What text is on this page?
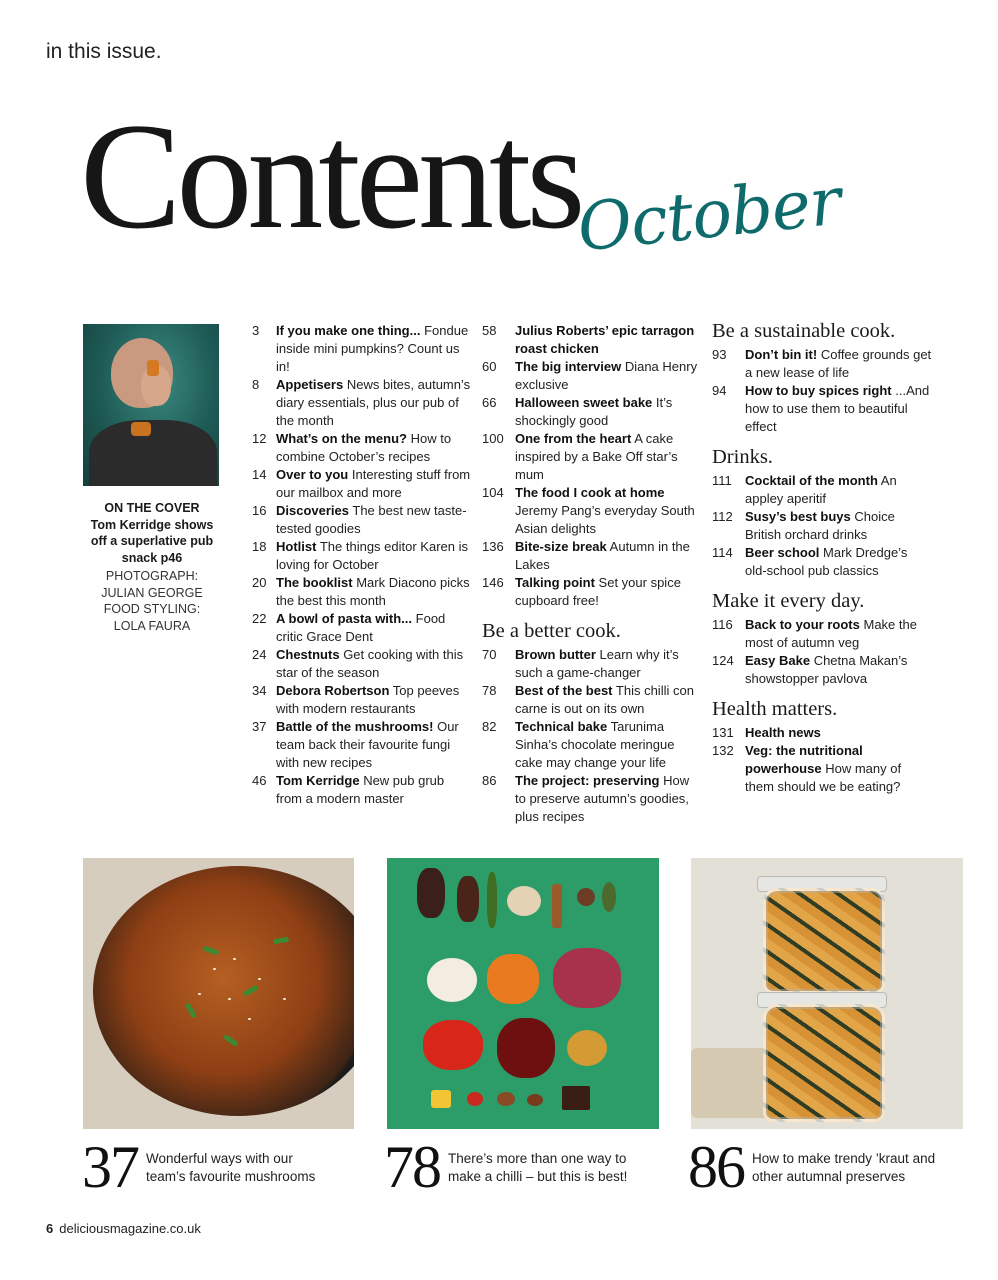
in this issue.
Contents
October
ON THE COVER
Tom Kerridge shows off a superlative pub snack p46
PHOTOGRAPH:
JULIAN GEORGE
FOOD STYLING:
LOLA FAURA
3	If you make one thing... Fondue inside mini pumpkins? Count us in!
8	Appetisers News bites, autumn’s diary essentials, plus our pub of the month
12 What’s on the menu? How to combine October’s recipes
14 Over to you Interesting stuff from our mailbox and more
16 Discoveries The best new taste-tested goodies
18 Hotlist The things editor Karen is loving for October
20 The booklist Mark Diacono picks the best this month
22 A bowl of pasta with... Food critic Grace Dent
24 Chestnuts Get cooking with this star of the season
34 Debora Robertson Top peeves with modern restaurants
37 Battle of the mushrooms! Our team back their favourite fungi with new recipes
46 Tom Kerridge New pub grub from a modern master
58	Julius Roberts’ epic tarragon roast chicken
60	The big interview Diana Henry exclusive
66	Halloween sweet bake It’s shockingly good
100 One from the heart A cake inspired by a Bake Off star’s mum
104 The food I cook at home Jeremy Pang’s everyday South Asian delights
136 Bite-size break Autumn in the Lakes
146 Talking point Set your spice cupboard free!
Be a better cook.
70	Brown butter Learn why it’s such a game-changer
78	Best of the best This chilli con carne is out on its own
82	Technical bake Tarunima Sinha’s chocolate meringue cake may change your life
86	The project: preserving How to preserve autumn’s goodies, plus recipes
Be a sustainable cook.
93	Don’t bin it! Coffee grounds get a new lease of life
94	How to buy spices right ...And how to use them to beautiful effect
Drinks.
111	Cocktail of the month An appley aperitif
112 Susy’s best buys Choice British orchard drinks
114 Beer school Mark Dredge’s old-school pub classics
Make it every day.
116 Back to your roots Make the most of autumn veg
124 Easy Bake Chetna Makan’s showstopper pavlova
Health matters.
131 Health news
132 Veg: the nutritional powerhouse How many of them should we be eating?
37 Wonderful ways with our team’s favourite mushrooms	78 There’s more than one way to make a chilli – but this is best! 86 How to make trendy ’kraut and other autumnal preserves
6 deliciousmagazine.co.uk
